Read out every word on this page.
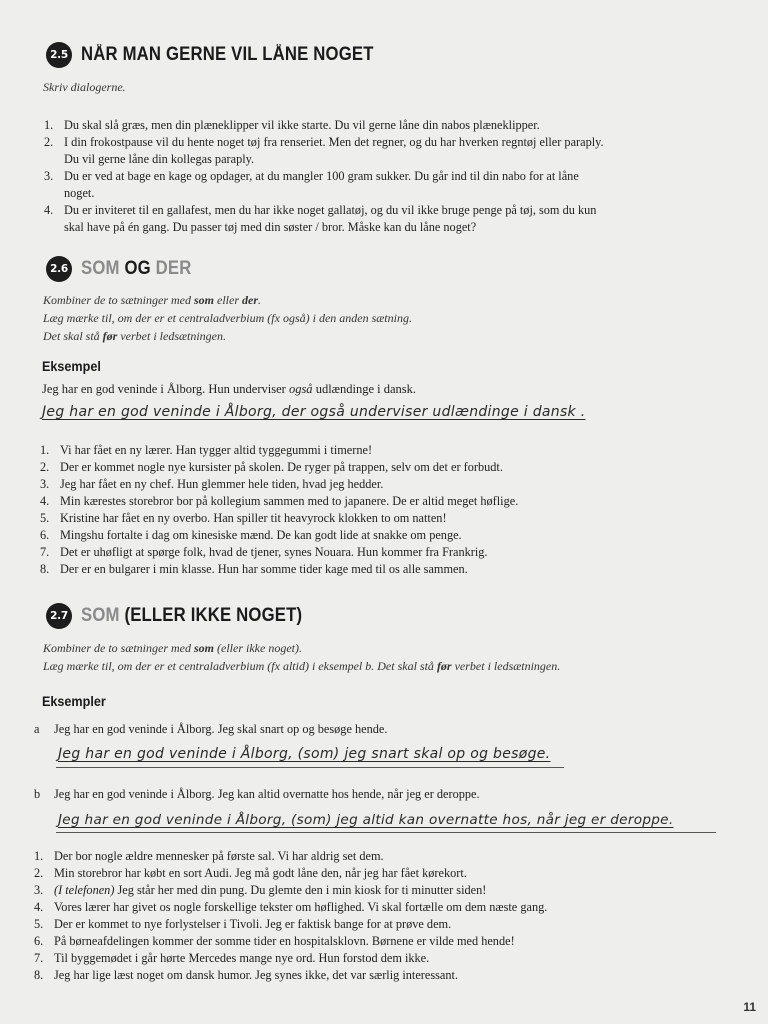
2.5 NÅR MAN GERNE VIL LÅNE NOGET
Skriv dialogerne.
1. Du skal slå græs, men din plæneklipper vil ikke starte. Du vil gerne låne din nabos plæneklipper.
2. I din frokostpause vil du hente noget tøj fra renseriet. Men det regner, og du har hverken regntøj eller paraply. Du vil gerne låne din kollegas paraply.
3. Du er ved at bage en kage og opdager, at du mangler 100 gram sukker. Du går ind til din nabo for at låne noget.
4. Du er inviteret til en gallafest, men du har ikke noget gallatøj, og du vil ikke bruge penge på tøj, som du kun skal have på én gang. Du passer tøj med din søster / bror. Måske kan du låne noget?
2.6 SOM OG DER
Kombiner de to sætninger med som eller der.
Læg mærke til, om der er et centraladverbium (fx også) i den anden sætning.
Det skal stå før verbet i ledsætningen.
Eksempel
Jeg har en god veninde i Ålborg. Hun underviser også udlændinge i dansk.
Jeg har en god veninde i Ålborg, der også underviser udlændinge i dansk .
1. Vi har fået en ny lærer. Han tygger altid tyggegummi i timerne!
2. Der er kommet nogle nye kursister på skolen. De ryger på trappen, selv om det er forbudt.
3. Jeg har fået en ny chef. Hun glemmer hele tiden, hvad jeg hedder.
4. Min kærestes storebror bor på kollegium sammen med to japanere. De er altid meget høflige.
5. Kristine har fået en ny overbo. Han spiller tit heavyrock klokken to om natten!
6. Mingshu fortalte i dag om kinesiske mænd. De kan godt lide at snakke om penge.
7. Det er uhøfligt at spørge folk, hvad de tjener, synes Nouara. Hun kommer fra Frankrig.
8. Der er en bulgarer i min klasse. Hun har somme tider kage med til os alle sammen.
2.7 SOM (ELLER IKKE NOGET)
Kombiner de to sætninger med som (eller ikke noget).
Læg mærke til, om der er et centraladverbium (fx altid) i eksempel b. Det skal stå før verbet i ledsætningen.
Eksempler
a Jeg har en god veninde i Ålborg. Jeg skal snart op og besøge hende.
Jeg har en god veninde i Ålborg, (som) jeg snart skal op og besøge.
b Jeg har en god veninde i Ålborg. Jeg kan altid overnatte hos hende, når jeg er deroppe.
Jeg har en god veninde i Ålborg, (som) jeg altid kan overnatte hos, når jeg er deroppe.
1. Der bor nogle ældre mennesker på første sal. Vi har aldrig set dem.
2. Min storebror har købt en sort Audi. Jeg må godt låne den, når jeg har fået kørekort.
3. (I telefonen) Jeg står her med din pung. Du glemte den i min kiosk for ti minutter siden!
4. Vores lærer har givet os nogle forskellige tekster om høflighed. Vi skal fortælle om dem næste gang.
5. Der er kommet to nye forlystelser i Tivoli. Jeg er faktisk bange for at prøve dem.
6. På børneafdelingen kommer der somme tider en hospitalsklovn. Børnene er vilde med hende!
7. Til byggemødet i går hørte Mercedes mange nye ord. Hun forstod dem ikke.
8. Jeg har lige læst noget om dansk humor. Jeg synes ikke, det var særlig interessant.
11
